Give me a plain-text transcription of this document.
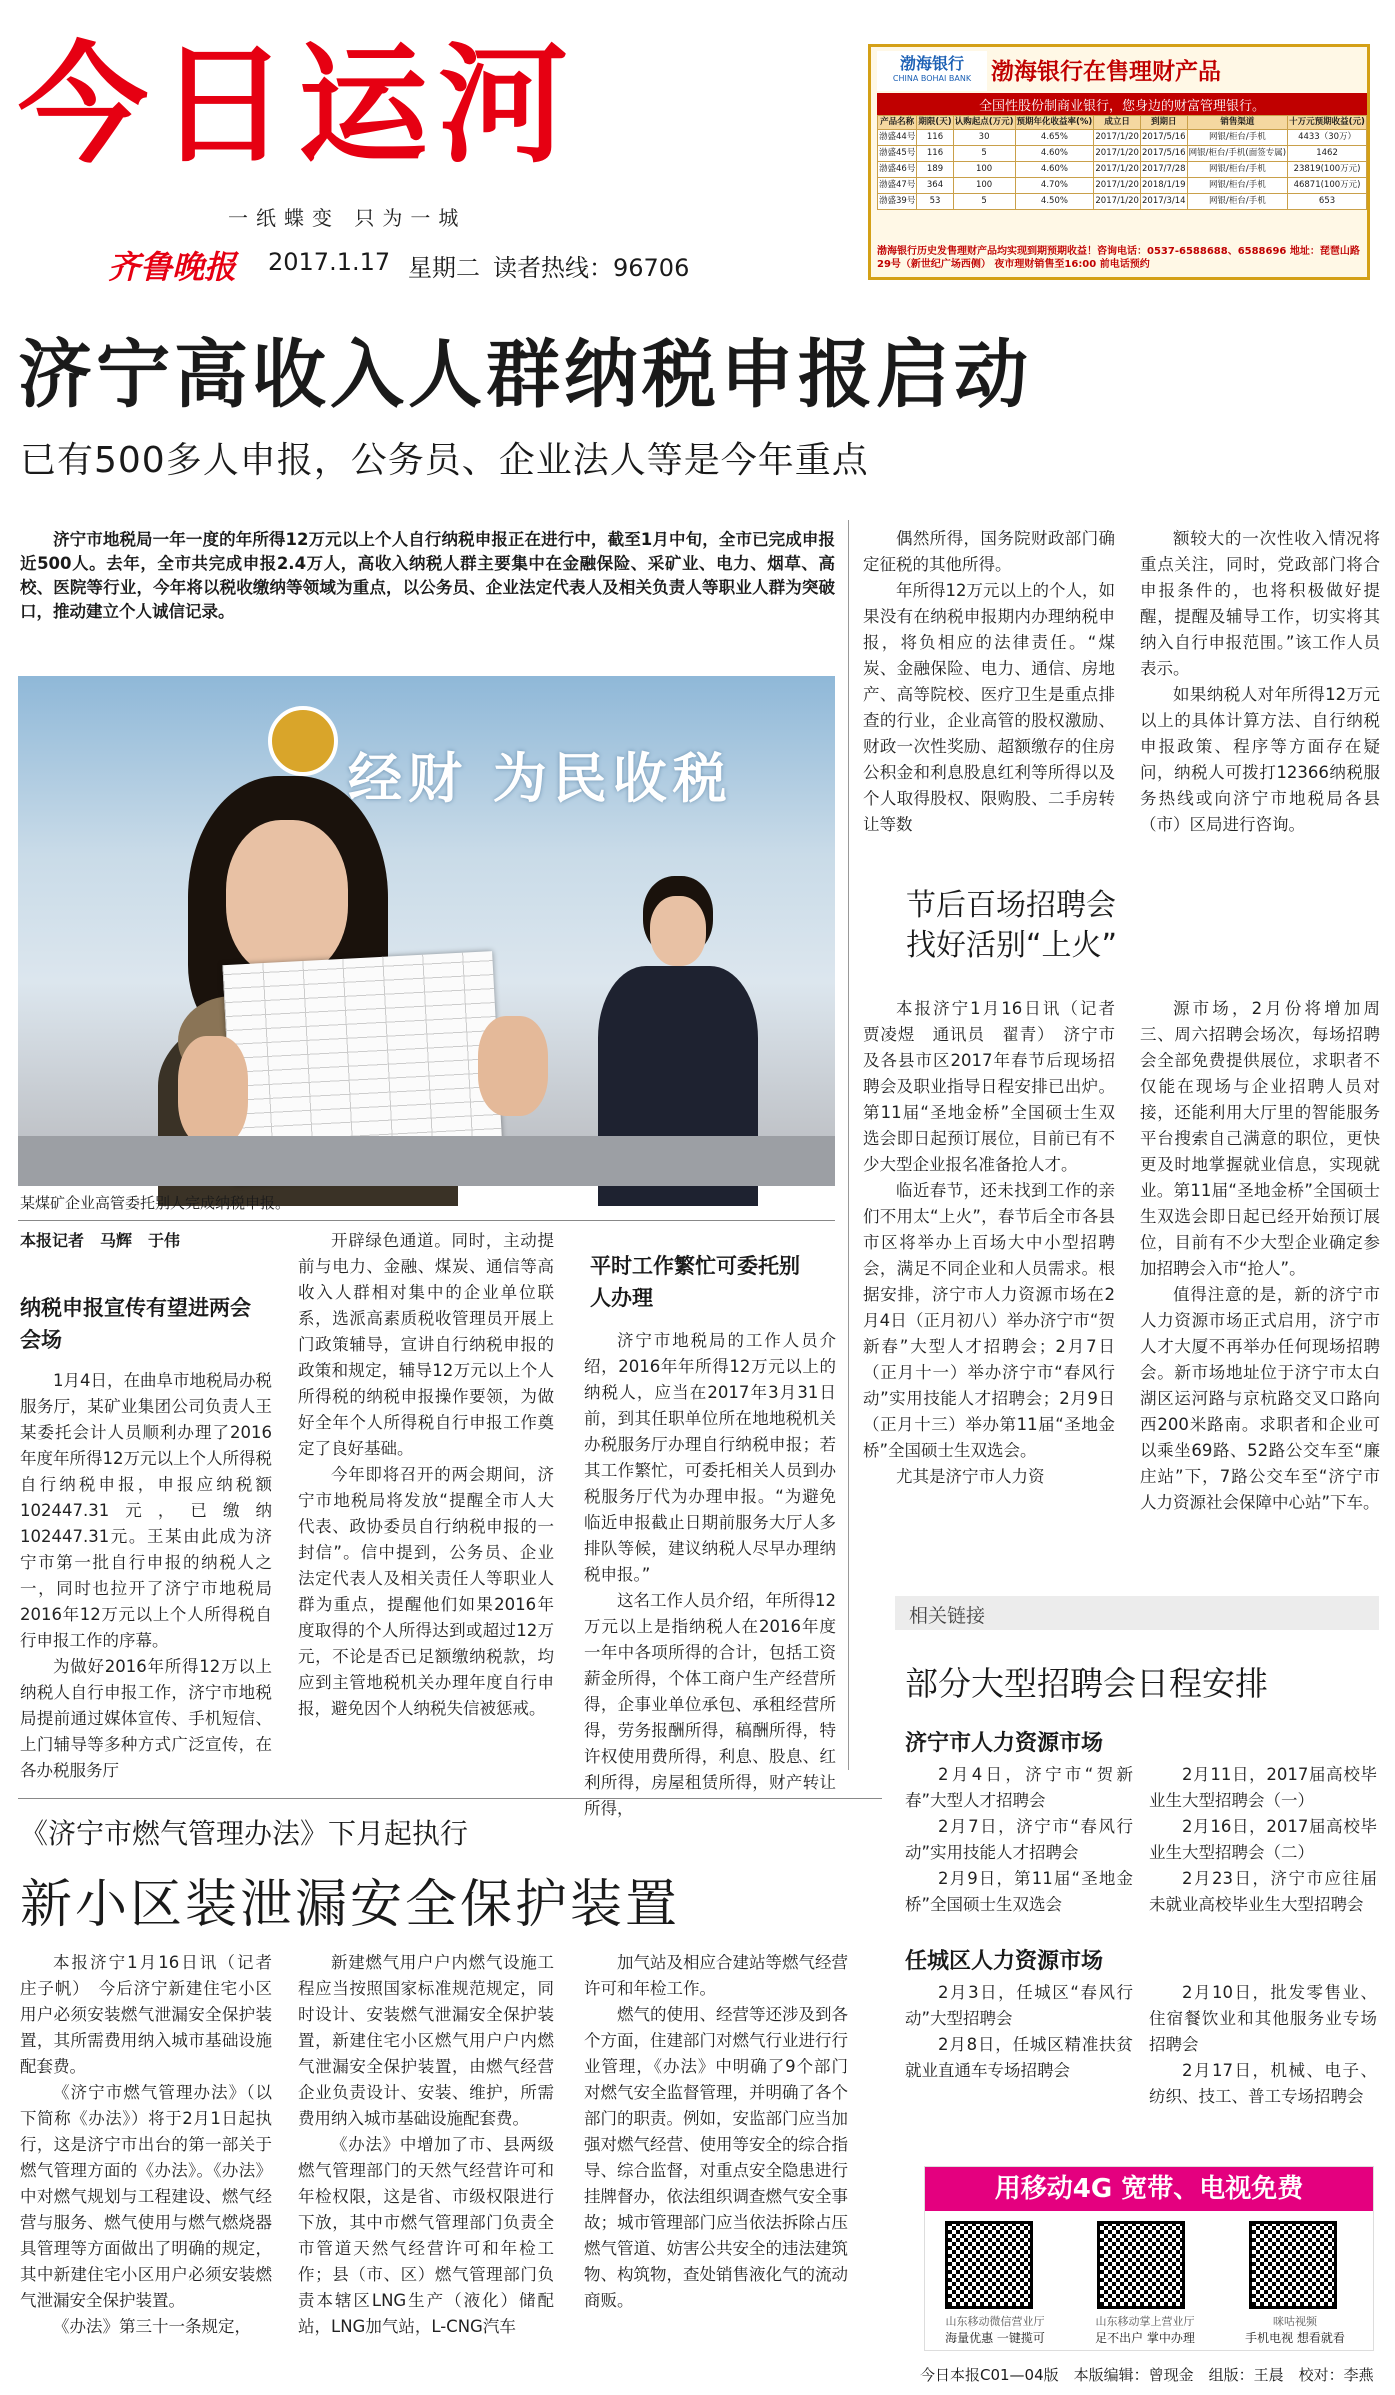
今日运河
一纸蝶变 只为一城
齐鲁晚报 2017.1.17 星期二 读者热线：96706
渤海银行
CHINA BOHAI BANK 渤海银行在售理财产品
全国性股份制商业银行，您身边的财富管理银行。
产品名称	期限(天)	认购起点(万元)	预期年化收益率(%)	成立日	到期日	销售渠道	十万元预期收益(元)
渤盛44号	116	30	4.65%	2017/1/20	2017/5/16	网银/柜台/手机	4433（30万）
渤盛45号	116	5	4.60%	2017/1/20	2017/5/16	网银/柜台/手机(面签专属)	1462
渤盛46号	189	100	4.60%	2017/1/20	2017/7/28	网银/柜台/手机	23819(100万元)
渤盛47号	364	100	4.70%	2017/1/20	2018/1/19	网银/柜台/手机	46871(100万元)
渤盛39号	53	5	4.50%	2017/1/20	2017/3/14	网银/柜台/手机	653
渤海银行历史发售理财产品均实现到期预期收益！咨询电话：0537-6588688、6588696 地址：琵琶山路29号（新世纪广场西侧） 夜市理财销售至16:00 前电话预约
济宁高收入人群纳税申报启动
已有500多人申报，公务员、企业法人等是今年重点
济宁市地税局一年一度的年所得12万元以上个人自行纳税申报正在进行中，截至1月中旬，全市已完成申报近500人。去年，全市共完成申报2.4万人，高收入纳税人群主要集中在金融保险、采矿业、电力、烟草、高校、医院等行业，今年将以税收缴纳等领域为重点，以公务员、企业法定代表人及相关负责人等职业人群为突破口，推动建立个人诚信记录。
经财 为民收税
某煤矿企业高管委托别人完成纳税申报。
本报记者　马辉　于伟
纳税申报宣传有望进两会会场

1月4日，在曲阜市地税局办税服务厅，某矿业集团公司负责人王某委托会计人员顺利办理了2016年度年所得12万元以上个人所得税自行纳税申报，申报应纳税额102447.31元，已缴纳102447.31元。王某由此成为济宁市第一批自行申报的纳税人之一，同时也拉开了济宁市地税局2016年12万元以上个人所得税自行申报工作的序幕。

为做好2016年所得12万以上纳税人自行申报工作，济宁市地税局提前通过媒体宣传、手机短信、上门辅导等多种方式广泛宣传，在各办税服务厅

开辟绿色通道。同时，主动提前与电力、金融、煤炭、通信等高收入人群相对集中的企业单位联系，选派高素质税收管理员开展上门政策辅导，宣讲自行纳税申报的政策和规定，辅导12万元以上个人所得税的纳税申报操作要领，为做好全年个人所得税自行申报工作奠定了良好基础。

今年即将召开的两会期间，济宁市地税局将发放“提醒全市人大代表、政协委员自行纳税申报的一封信”。信中提到，公务员、企业法定代表人及相关责任人等职业人群为重点，提醒他们如果2016年度取得的个人所得达到或超过12万元，不论是否已足额缴纳税款，均应到主管地税机关办理年度自行申报，避免因个人纳税失信被惩戒。

平时工作繁忙可委托别人办理

济宁市地税局的工作人员介绍，2016年年所得12万元以上的纳税人，应当在2017年3月31日前，到其任职单位所在地地税机关办税服务厅办理自行纳税申报；若其工作繁忙，可委托相关人员到办税服务厅代为办理申报。“为避免临近申报截止日期前服务大厅人多排队等候，建议纳税人尽早办理纳税申报。”

这名工作人员介绍，年所得12万元以上是指纳税人在2016年度一年中各项所得的合计，包括工资薪金所得，个体工商户生产经营所得，企事业单位承包、承租经营所得，劳务报酬所得，稿酬所得，特许权使用费所得，利息、股息、红利所得，房屋租赁所得，财产转让所得，

偶然所得，国务院财政部门确定征税的其他所得。

年所得12万元以上的个人，如果没有在纳税申报期内办理纳税申报，将负相应的法律责任。“煤炭、金融保险、电力、通信、房地产、高等院校、医疗卫生是重点排查的行业，企业高管的股权激励、财政一次性奖励、超额缴存的住房公积金和利息股息红利等所得以及个人取得股权、限购股、二手房转让等数

额较大的一次性收入情况将重点关注，同时，党政部门将合申报条件的，也将积极做好提醒，提醒及辅导工作，切实将其纳入自行申报范围。”该工作人员表示。

如果纳税人对年所得12万元以上的具体计算方法、自行纳税申报政策、程序等方面存在疑问，纳税人可拨打12366纳税服务热线或向济宁市地税局各县（市）区局进行咨询。

节后百场招聘会
找好活别“上火”

本报济宁1月16日讯（记者　贾凌煜　通讯员　翟青）　济宁市及各县市区2017年春节后现场招聘会及职业指导日程安排已出炉。第11届“圣地金桥”全国硕士生双选会即日起预订展位，目前已有不少大型企业报名准备抢人才。

临近春节，还未找到工作的亲们不用太“上火”，春节后全市各县市区将举办上百场大中小型招聘会，满足不同企业和人员需求。根据安排，济宁市人力资源市场在2月4日（正月初八）举办济宁市“贺新春”大型人才招聘会；2月7日（正月十一）举办济宁市“春风行动”实用技能人才招聘会；2月9日（正月十三）举办第11届“圣地金桥”全国硕士生双选会。

尤其是济宁市人力资

源市场，2月份将增加周三、周六招聘会场次，每场招聘会全部免费提供展位，求职者不仅能在现场与企业招聘人员对接，还能利用大厅里的智能服务平台搜索自己满意的职位，更快更及时地掌握就业信息，实现就业。第11届“圣地金桥”全国硕士生双选会即日起已经开始预订展位，目前有不少大型企业确定参加招聘会入市“抢人”。

值得注意的是，新的济宁市人力资源市场正式启用，济宁市人才大厦不再举办任何现场招聘会。新市场地址位于济宁市太白湖区运河路与京杭路交叉口路向西200米路南。求职者和企业可以乘坐69路、52路公交车至“廉庄站”下，7路公交车至“济宁市人力资源社会保障中心站”下车。

相关链接
部分大型招聘会日程安排
济宁市人力资源市场

2月4日，济宁市“贺新春”大型人才招聘会

2月7日，济宁市“春风行动”实用技能人才招聘会

2月9日，第11届“圣地金桥”全国硕士生双选会

2月11日，2017届高校毕业生大型招聘会（一）

2月16日，2017届高校毕业生大型招聘会（二）

2月23日，济宁市应往届未就业高校毕业生大型招聘会

任城区人力资源市场

2月3日，任城区“春风行动”大型招聘会

2月8日，任城区精准扶贫就业直通车专场招聘会

2月10日，批发零售业、住宿餐饮业和其他服务业专场招聘会

2月17日，机械、电子、纺织、技工、普工专场招聘会

《济宁市燃气管理办法》下月起执行
新小区装泄漏安全保护装置

本报济宁1月16日讯（记者　庄子帆）　今后济宁新建住宅小区用户必须安装燃气泄漏安全保护装置，其所需费用纳入城市基础设施配套费。

《济宁市燃气管理办法》（以下简称《办法》）将于2月1日起执行，这是济宁市出台的第一部关于燃气管理方面的《办法》。《办法》中对燃气规划与工程建设、燃气经营与服务、燃气使用与燃气燃烧器具管理等方面做出了明确的规定，其中新建住宅小区用户必须安装燃气泄漏安全保护装置。

《办法》第三十一条规定，

新建燃气用户户内燃气设施工程应当按照国家标准规范规定，同时设计、安装燃气泄漏安全保护装置，新建住宅小区燃气用户户内燃气泄漏安全保护装置，由燃气经营企业负责设计、安装、维护，所需费用纳入城市基础设施配套费。

《办法》中增加了市、县两级燃气管理部门的天然气经营许可和年检权限，这是省、市级权限进行下放，其中市燃气管理部门负责全市管道天然气经营许可和年检工作；县（市、区）燃气管理部门负责本辖区LNG生产（液化）储配站，LNG加气站，L-CNG汽车

加气站及相应合建站等燃气经营许可和年检工作。

燃气的使用、经营等还涉及到各个方面，住建部门对燃气行业进行行业管理，《办法》中明确了9个部门对燃气安全监督管理，并明确了各个部门的职责。例如，安监部门应当加强对燃气经营、使用等安全的综合指导、综合监督，对重点安全隐患进行挂牌督办，依法组织调查燃气安全事故；城市管理部门应当依法拆除占压燃气管道、妨害公共安全的违法建筑物、构筑物，查处销售液化气的流动商贩。

用移动4G 宽带、电视免费
山东移动微信营业厅
海量优惠 一键揽可
山东移动掌上营业厅
足不出户 掌中办理
咪咕视频
手机电视 想看就看
今日本报C01—04版　本版编辑：曾现金　组版：王晨　校对：李燕
